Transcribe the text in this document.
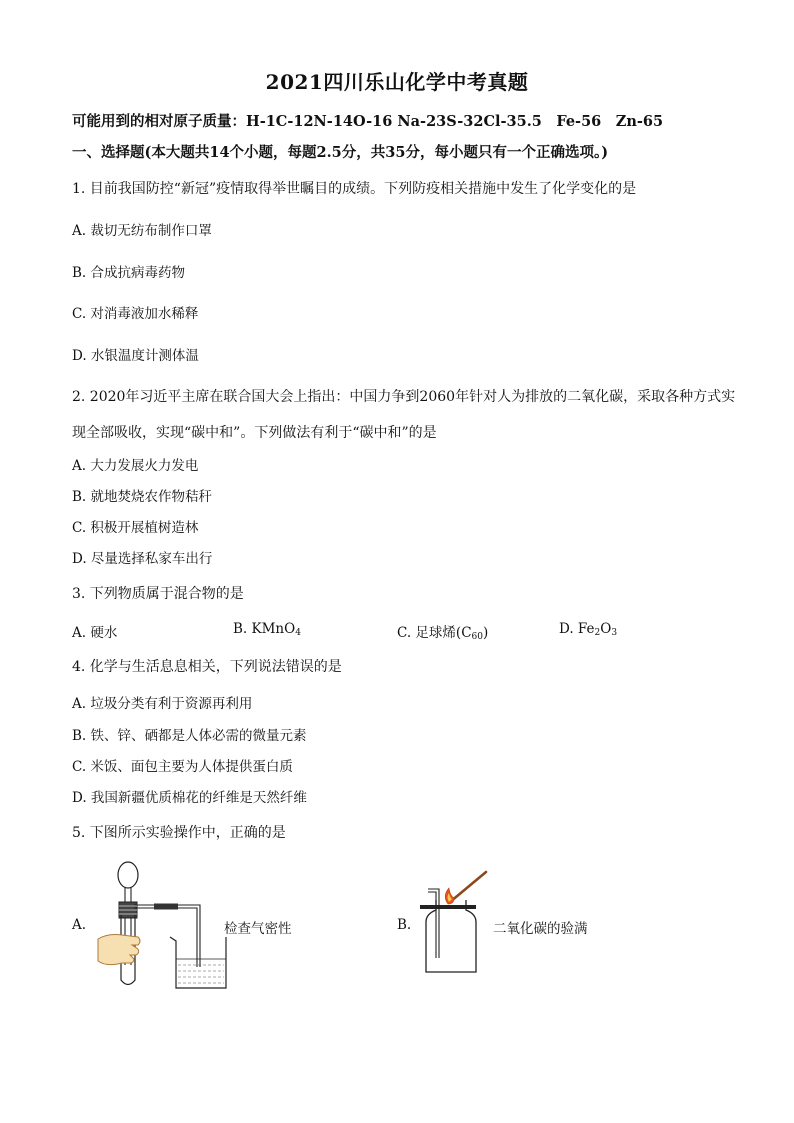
2021四川乐山化学中考真题
可能用到的相对原子质量：H-1C-12N-14O-16 Na-23S-32Cl-35.5　Fe-56　Zn-65
一、选择题(本大题共14个小题，每题2.5分，共35分，每小题只有一个正确选项。)
1. 目前我国防控“新冠”疫情取得举世瞩目的成绩。下列防疫相关措施中发生了化学变化的是
A. 裁切无纺布制作口罩
B. 合成抗病毒药物
C. 对消毒液加水稀释
D. 水银温度计测体温
2. 2020年习近平主席在联合国大会上指出：中国力争到2060年针对人为排放的二氧化碳，采取各种方式实
现全部吸收，实现“碳中和”。下列做法有利于“碳中和”的是
A. 大力发展火力发电
B. 就地焚烧农作物秸秆
C. 积极开展植树造林
D. 尽量选择私家车出行
3. 下列物质属于混合物的是
A. 硬水	B. KMnO$_4$	C. 足球烯$(C_{60})$	D. $Fe_2O_3$
4. 化学与生活息息相关，下列说法错误的是
A. 垃圾分类有利于资源再利用
B. 铁、锌、硒都是人体必需的微量元素
C. 米饭、面包主要为人体提供蛋白质
D. 我国新疆优质棉花的纤维是天然纤维
5. 下图所示实验操作中，正确的是
A.	检查气密性	B.	二氧化碳的验满
